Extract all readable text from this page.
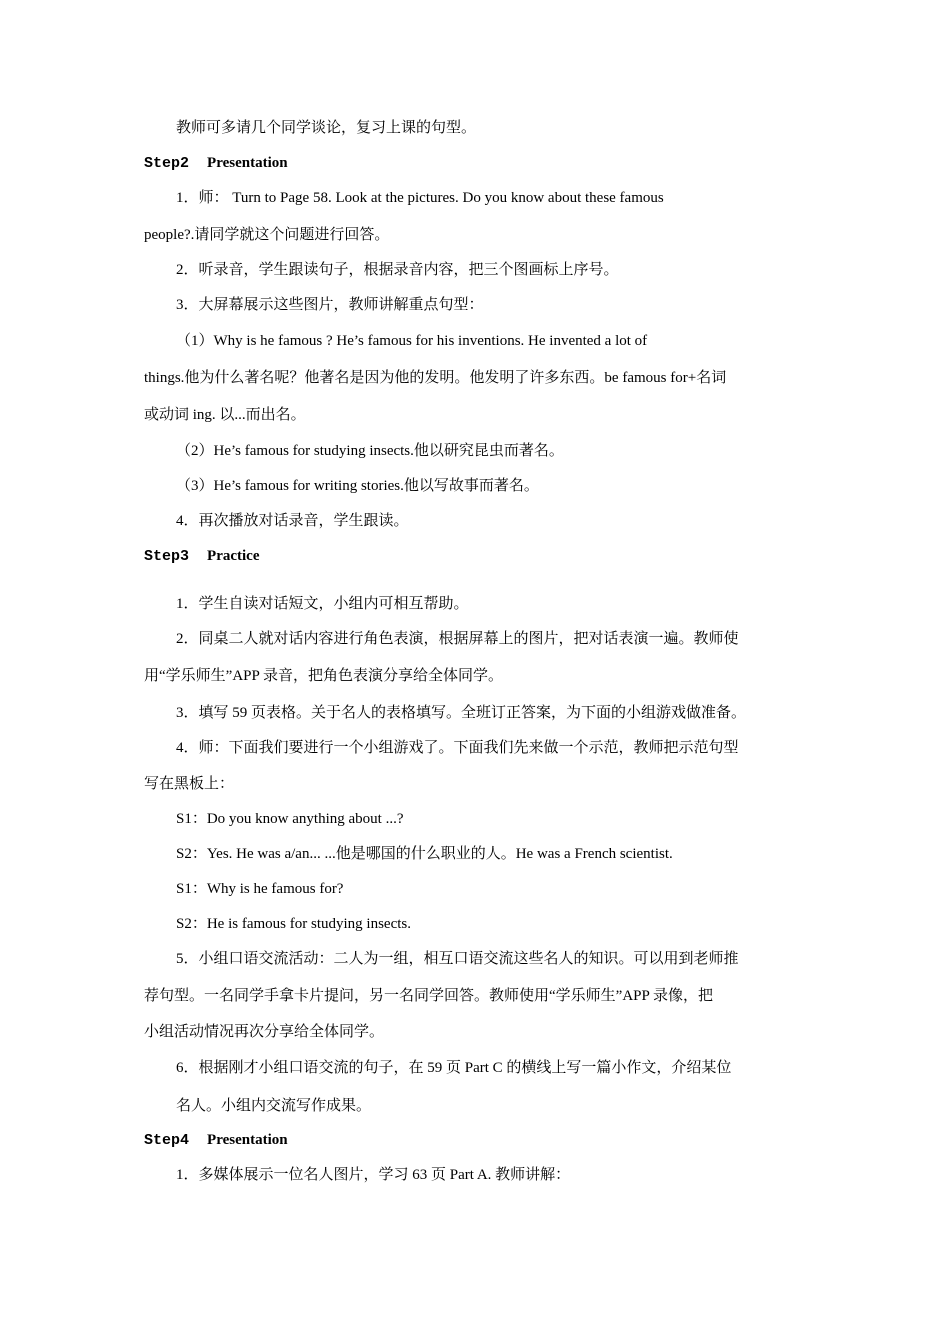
教师可多请几个同学谈论，复习上课的句型。
Step2 Presentation
1．师： Turn to Page 58. Look at the pictures. Do you know about these famous
people?.请同学就这个问题进行回答。
2．听录音，学生跟读句子，根据录音内容，把三个图画标上序号。
3．大屏幕展示这些图片，教师讲解重点句型：
（1）Why is he famous ? He’s famous for his inventions. He invented a lot of
things.他为什么著名呢？他著名是因为他的发明。他发明了许多东西。be famous for+名词
或动词 ing. 以...而出名。
（2）He’s famous for studying insects.他以研究昆虫而著名。
（3）He’s famous for writing stories.他以写故事而著名。
4．再次播放对话录音，学生跟读。
Step3 Practice
1．学生自读对话短文，小组内可相互帮助。
2．同桌二人就对话内容进行角色表演，根据屏幕上的图片，把对话表演一遍。教师使
用“学乐师生”APP 录音，把角色表演分享给全体同学。
3．填写 59 页表格。关于名人的表格填写。全班订正答案，为下面的小组游戏做准备。
4．师：下面我们要进行一个小组游戏了。下面我们先来做一个示范，教师把示范句型
写在黑板上：
S1：Do you know anything about ...?
S2：Yes. He was a/an... ...他是哪国的什么职业的人。He was a French scientist.
S1：Why is he famous for?
S2：He is famous for studying insects.
5．小组口语交流活动：二人为一组，相互口语交流这些名人的知识。可以用到老师推
荐句型。一名同学手拿卡片提问，另一名同学回答。教师使用“学乐师生”APP 录像，把
小组活动情况再次分享给全体同学。
6．根据刚才小组口语交流的句子，在 59 页 Part C 的横线上写一篇小作文，介绍某位
名人。小组内交流写作成果。
Step4 Presentation
1．多媒体展示一位名人图片，学习 63 页 Part A. 教师讲解：
